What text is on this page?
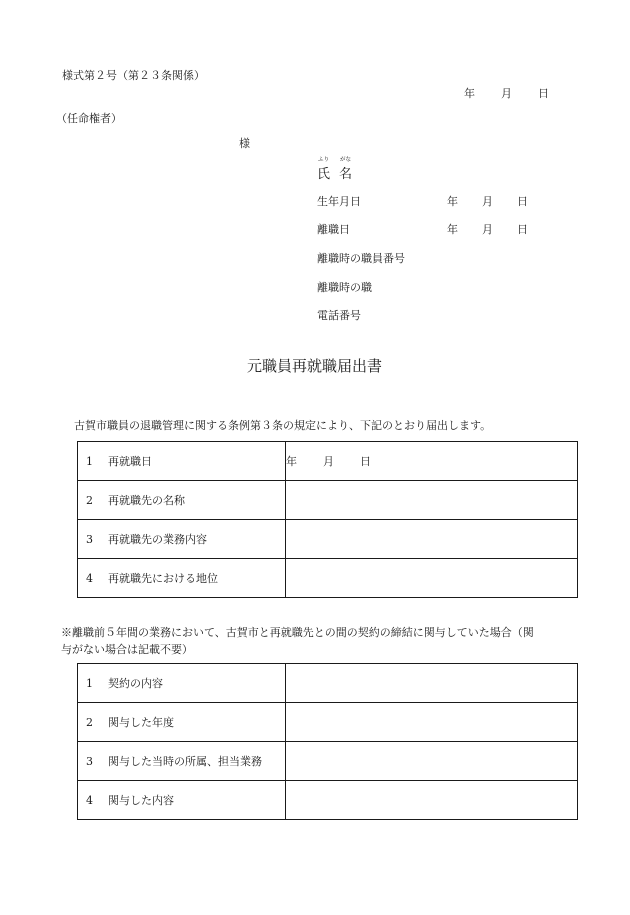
様式第２号（第２３条関係）
年 月 日
（任命権者）
様
ふり がな
氏 名
生年月日	年 月 日
離職日	年 月 日
離職時の職員番号
離職時の職
電話番号
元職員再就職届出書
古賀市職員の退職管理に関する条例第３条の規定により、下記のとおり届出します。
1 再就職日	年 月 日
2 再就職先の名称	
3 再就職先の業務内容	
4 再就職先における地位	
※離職前５年間の業務において、古賀市と再就職先との間の契約の締結に関与していた場合（関
与がない場合は記載不要）
1 契約の内容	
2 関与した年度	
3 関与した当時の所属、担当業務	
4 関与した内容	
